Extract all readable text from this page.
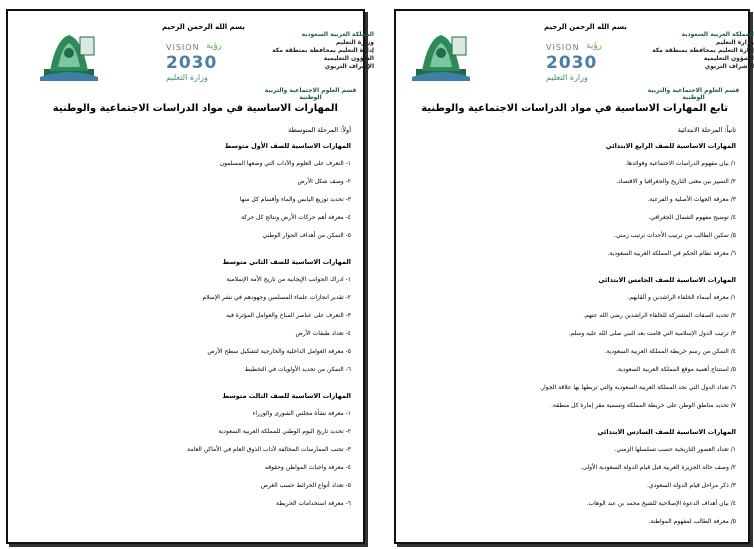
VISION رؤية
2030
وزارة التعليم
بسم الله الرحمن الرحيم
المملكة العربية السعودية
وزارة التعليم
إدارة التعليم بمحافظة بمنطقة مكة
الشؤون التعليمية
الإشراف التربوي
قسم العلوم الاجتماعية والتربية الوطنية
المهارات الاساسية في مواد الدراسات الاجتماعية والوطنية
أولاً: المرحلة المتوسطة
المهارات الاساسية للصف الأول متوسط
١- التعرف على العلوم والآداب التي وضعها المسلمون
٢- وصف شكل الأرض
٣- تحديد توزيع اليابس والماء وأقسام كل منها
٤- معرفة أهم حركات الأرض ونتائج كل حركة
٥- التمكن من أهداف الحوار الوطني
المهارات الاساسية للصف الثاني متوسط
١- ادراك الجوانب الإيجابية من تاريخ الأمة الإسلامية
٢- تقدير انجازات علماء المسلمين وجهودهم في نشر الإسلام
٣- التعرف على عناصر المناخ والعوامل المؤثرة فيه
٤- تعداد طبقات الأرض
٥- معرفة العوامل الداخلية والخارجية لتشكيل سطح الأرض
٦- التمكن من تحديد الأولويات في التخطيط
المهارات الاساسية للصف الثالث متوسط
١- معرفة نشأة مجلس الشورى والوزراء
٢- تحديد تاريخ اليوم الوطني للمملكة العربية السعودية
٣- تجنب الممارسات المخالفة لآداب الذوق العام في الأماكن العامة
٤- معرفة واجبات المواطن وحقوقه
٥- تعداد أنواع الخرائط حسب الغرض
٦- معرفة استخدامات الخريطة
VISION رؤية
2030
وزارة التعليم
بسم الله الرحمن الرحيم
المملكة العربية السعودية
وزارة التعليم
إدارة التعليم بمحافظة بمنطقة مكة
الشؤون التعليمية
الإشراف التربوي
قسم العلوم الاجتماعية والتربية الوطنية
تابع المهارات الاساسية في مواد الدراسات الاجتماعية والوطنية
ثانياً: المرحلة الابتدائية
المهارات الاساسية للصف الرابع الابتدائي
١/ بيان مفهوم الدراسات الاجتماعية وفوائدها.
٢/ التمييز بين معنى التاريخ والجغرافيا و الاقتصاد.
٣/ معرفة الجهات الأصلية و الفرعية.
٤/ توضيح مفهوم الشمال الجغرافي.
٥/ تمكين الطالب من ترتيب الأحداث ترتيب زمني.
٦/ معرفة نظام الحكم في المملكة العربية السعودية.
المهارات الاساسية للصف الخامس الابتدائي
١/ معرفة أسماء الخلفاء الراشدين و ألقابهم.
٢/ تحديد الصفات المشتركة للخلفاء الراشدين رضي الله عنهم.
٣/ ترتيب الدول الإسلامية التي قامت بعد النبي صلى الله عليه وسلم.
٤/ التمكن من رسم خريطة المملكة العربية السعودية.
٥/ استنتاج أهمية موقع المملكة العربية السعودية.
٦/ تعداد الدول التي تحد المملكة العربية السعودية والتي تربطها بها علاقة الجوار.
٧/ تحديد مناطق الوطن على خريطة المملكة وتسمية مقر إمارة كل منطقة.
المهارات الاساسية للصف السادس الابتدائي
١/ تعداد العصور التاريخية حسب تسلسلها الزمني.
٢/ وصف حالة الجزيرة العربية قبل قيام الدولة السعودية الأولى.
٣/ ذكر مراحل قيام الدولة السعودي.
٤/ بيان أهداف الدعوة الإصلاحية للشيخ محمد بن عبد الوهاب.
٥/ معرفة الطالب لمفهوم المواطنة.
